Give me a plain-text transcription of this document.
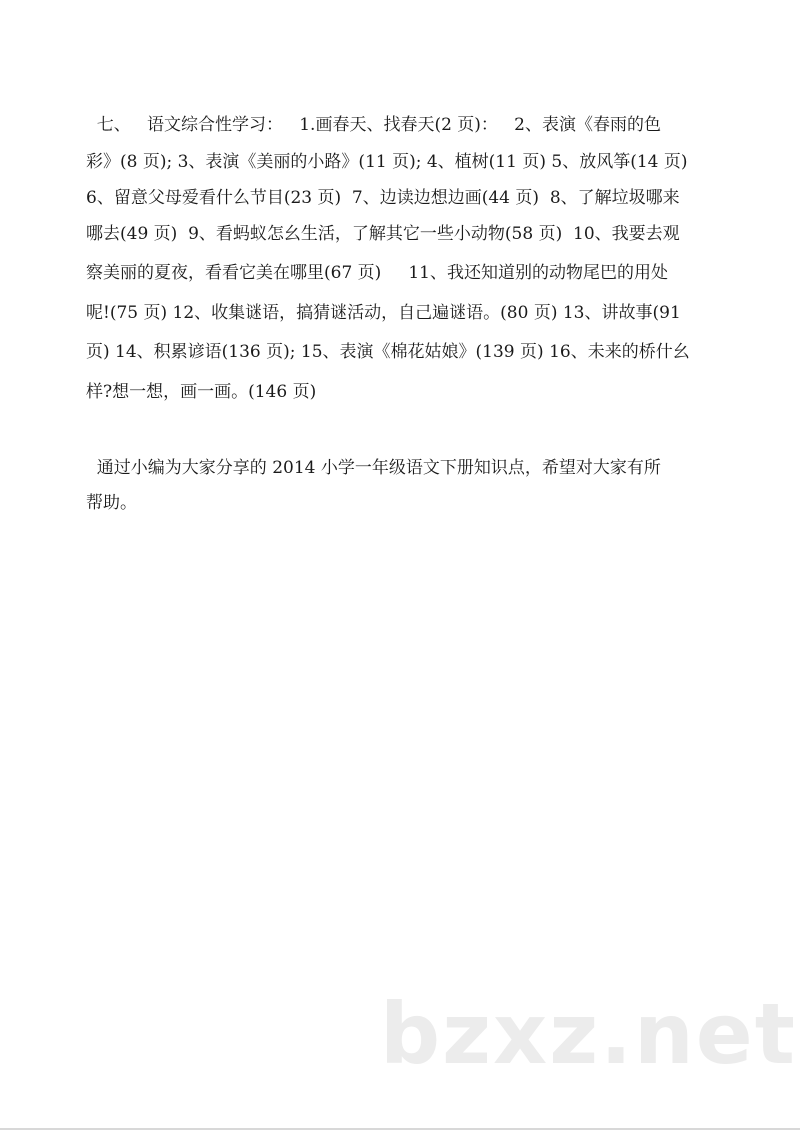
七、   语文综合性学习：   1.画春天、找春天(2 页)：   2、表演《春雨的色
彩》(8 页); 3、表演《美丽的小路》(11 页); 4、植树(11 页) 5、放风筝(14 页)
6、留意父母爱看什么节目(23 页)  7、边读边想边画(44 页)  8、了解垃圾哪来
哪去(49 页)  9、看蚂蚁怎幺生活，了解其它一些小动物(58 页)  10、我要去观
察美丽的夏夜，看看它美在哪里(67 页)     11、我还知道别的动物尾巴的用处
呢!(75 页) 12、收集谜语，搞猜谜活动，自己遍谜语。(80 页) 13、讲故事(91
页) 14、积累谚语(136 页); 15、表演《棉花姑娘》(139 页) 16、未来的桥什幺
样?想一想，画一画。(146 页)
通过小编为大家分享的 2014 小学一年级语文下册知识点，希望对大家有所
帮助。
bzxz.net
